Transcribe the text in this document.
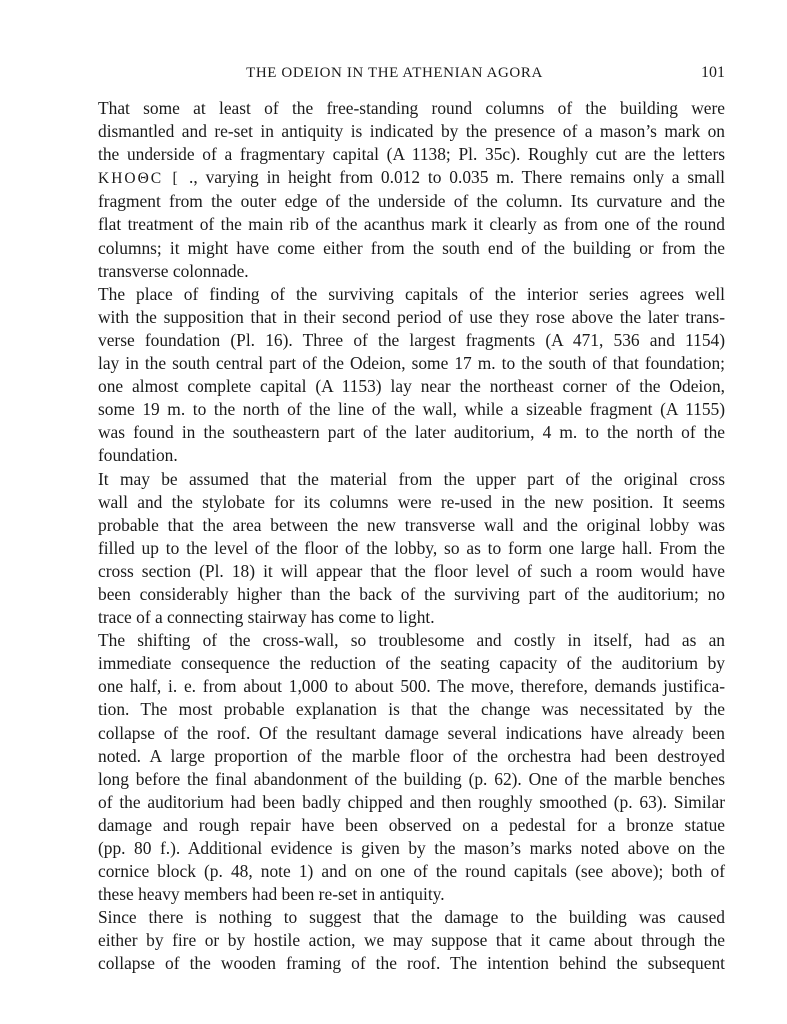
THE ODEION IN THE ATHENIAN AGORA	101

That some at least of the free-standing round columns of the building were
dismantled and re-set in antiquity is indicated by the presence of a mason’s mark on
the underside of a fragmentary capital (A 1138; Pl. 35c). Roughly cut are the letters
ΚΗΟΘϹ [ ., varying in height from 0.012 to 0.035 m. There remains only a small
fragment from the outer edge of the underside of the column. Its curvature and the
flat treatment of the main rib of the acanthus mark it clearly as from one of the round
columns; it might have come either from the south end of the building or from the
transverse colonnade.

The place of finding of the surviving capitals of the interior series agrees well
with the supposition that in their second period of use they rose above the later trans-
verse foundation (Pl. 16). Three of the largest fragments (A 471, 536 and 1154)
lay in the south central part of the Odeion, some 17 m. to the south of that foundation;
one almost complete capital (A 1153) lay near the northeast corner of the Odeion,
some 19 m. to the north of the line of the wall, while a sizeable fragment (A 1155)
was found in the southeastern part of the later auditorium, 4 m. to the north of the
foundation.

It may be assumed that the material from the upper part of the original cross
wall and the stylobate for its columns were re-used in the new position. It seems
probable that the area between the new transverse wall and the original lobby was
filled up to the level of the floor of the lobby, so as to form one large hall. From the
cross section (Pl. 18) it will appear that the floor level of such a room would have
been considerably higher than the back of the surviving part of the auditorium; no
trace of a connecting stairway has come to light.

The shifting of the cross-wall, so troublesome and costly in itself, had as an
immediate consequence the reduction of the seating capacity of the auditorium by
one half, i. e. from about 1,000 to about 500. The move, therefore, demands justifica-
tion. The most probable explanation is that the change was necessitated by the
collapse of the roof. Of the resultant damage several indications have already been
noted. A large proportion of the marble floor of the orchestra had been destroyed
long before the final abandonment of the building (p. 62). One of the marble benches
of the auditorium had been badly chipped and then roughly smoothed (p. 63). Similar
damage and rough repair have been observed on a pedestal for a bronze statue
(pp. 80 f.). Additional evidence is given by the mason’s marks noted above on the
cornice block (p. 48, note 1) and on one of the round capitals (see above); both of
these heavy members had been re-set in antiquity.

Since there is nothing to suggest that the damage to the building was caused
either by fire or by hostile action, we may suppose that it came about through the
collapse of the wooden framing of the roof. The intention behind the subsequent
